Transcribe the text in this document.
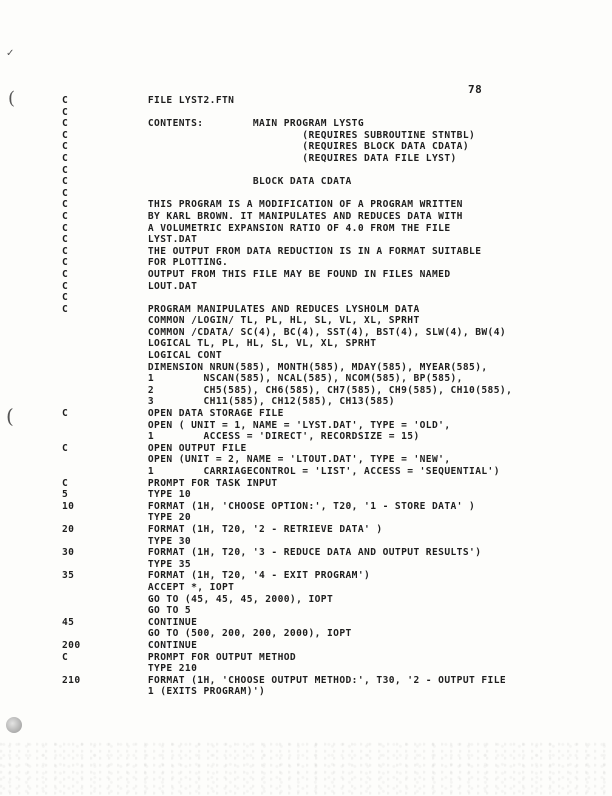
✓
(
(
78
C	FILE LYST2.FTN
C
C	CONTENTS:        MAIN PROGRAM LYSTG
C	(REQUIRES SUBROUTINE STNTBL)
C	(REQUIRES BLOCK DATA CDATA)
C	(REQUIRES DATA FILE LYST)
C
C	BLOCK DATA CDATA
C
C	THIS PROGRAM IS A MODIFICATION OF A PROGRAM WRITTEN
C	BY KARL BROWN. IT MANIPULATES AND REDUCES DATA WITH
C	A VOLUMETRIC EXPANSION RATIO OF 4.0 FROM THE FILE
C	LYST.DAT
C	THE OUTPUT FROM DATA REDUCTION IS IN A FORMAT SUITABLE
C	FOR PLOTTING.
C	OUTPUT FROM THIS FILE MAY BE FOUND IN FILES NAMED
C	LOUT.DAT
C
C	PROGRAM MANIPULATES AND REDUCES LYSHOLM DATA
COMMON /LOGIN/ TL, PL, HL, SL, VL, XL, SPRHT
COMMON /CDATA/ SC(4), BC(4), SST(4), BST(4), SLW(4), BW(4)
LOGICAL TL, PL, HL, SL, VL, XL, SPRHT
LOGICAL CONT
DIMENSION NRUN(585), MONTH(585), MDAY(585), MYEAR(585),
1        NSCAN(585), NCAL(585), NCOM(585), BP(585),
2        CH5(585), CH6(585), CH7(585), CH9(585), CH10(585),
3        CH11(585), CH12(585), CH13(585)
C	OPEN DATA STORAGE FILE
OPEN ( UNIT = 1, NAME = 'LYST.DAT', TYPE = 'OLD',
1        ACCESS = 'DIRECT', RECORDSIZE = 15)
C	OPEN OUTPUT FILE
OPEN (UNIT = 2, NAME = 'LTOUT.DAT', TYPE = 'NEW',
1        CARRIAGECONTROL = 'LIST', ACCESS = 'SEQUENTIAL')
C	PROMPT FOR TASK INPUT
5	TYPE 10
10	FORMAT (1H, 'CHOOSE OPTION:', T20, '1 - STORE DATA' )
TYPE 20
20	FORMAT (1H, T20, '2 - RETRIEVE DATA' )
TYPE 30
30	FORMAT (1H, T20, '3 - REDUCE DATA AND OUTPUT RESULTS')
TYPE 35
35	FORMAT (1H, T20, '4 - EXIT PROGRAM')
ACCEPT *, IOPT
GO TO (45, 45, 45, 2000), IOPT
GO TO 5
45	CONTINUE
GO TO (500, 200, 200, 2000), IOPT
200	CONTINUE
C	PROMPT FOR OUTPUT METHOD
TYPE 210
210	FORMAT (1H, 'CHOOSE OUTPUT METHOD:', T30, '2 - OUTPUT FILE
1 (EXITS PROGRAM)')
